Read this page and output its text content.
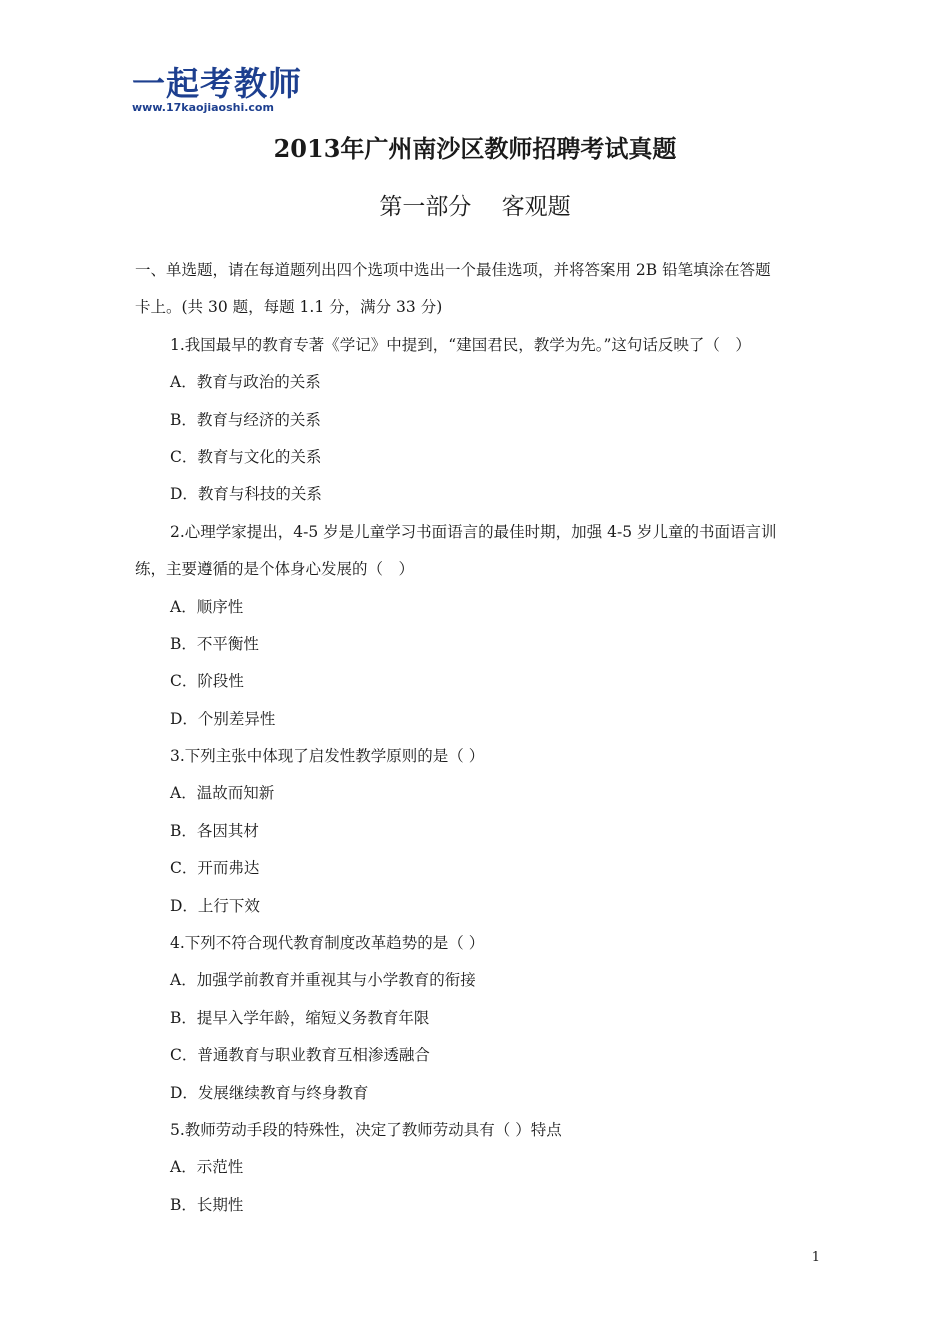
一起考教师
www.17kaojiaoshi.com
2013年广州南沙区教师招聘考试真题
第一部分　 客观题
一、单选题，请在每道题列出四个选项中选出一个最佳选项，并将答案用 2B 铅笔填涂在答题
卡上。(共 30 题，每题 1.1 分，满分 33 分)
1.我国最早的教育专著《学记》中提到，“建国君民，教学为先。”这句话反映了（　）
A．教育与政治的关系
B．教育与经济的关系
C．教育与文化的关系
D．教育与科技的关系
2.心理学家提出，4-5 岁是儿童学习书面语言的最佳时期，加强 4-5 岁儿童的书面语言训
练，主要遵循的是个体身心发展的（　）
A．顺序性
B．不平衡性
C．阶段性
D．个别差异性
3.下列主张中体现了启发性教学原则的是（ ）
A．温故而知新
B．各因其材
C．开而弗达
D．上行下效
4.下列不符合现代教育制度改革趋势的是（ ）
A．加强学前教育并重视其与小学教育的衔接
B．提早入学年龄，缩短义务教育年限
C．普通教育与职业教育互相渗透融合
D．发展继续教育与终身教育
5.教师劳动手段的特殊性，决定了教师劳动具有（ ）特点
A．示范性
B．长期性
1
